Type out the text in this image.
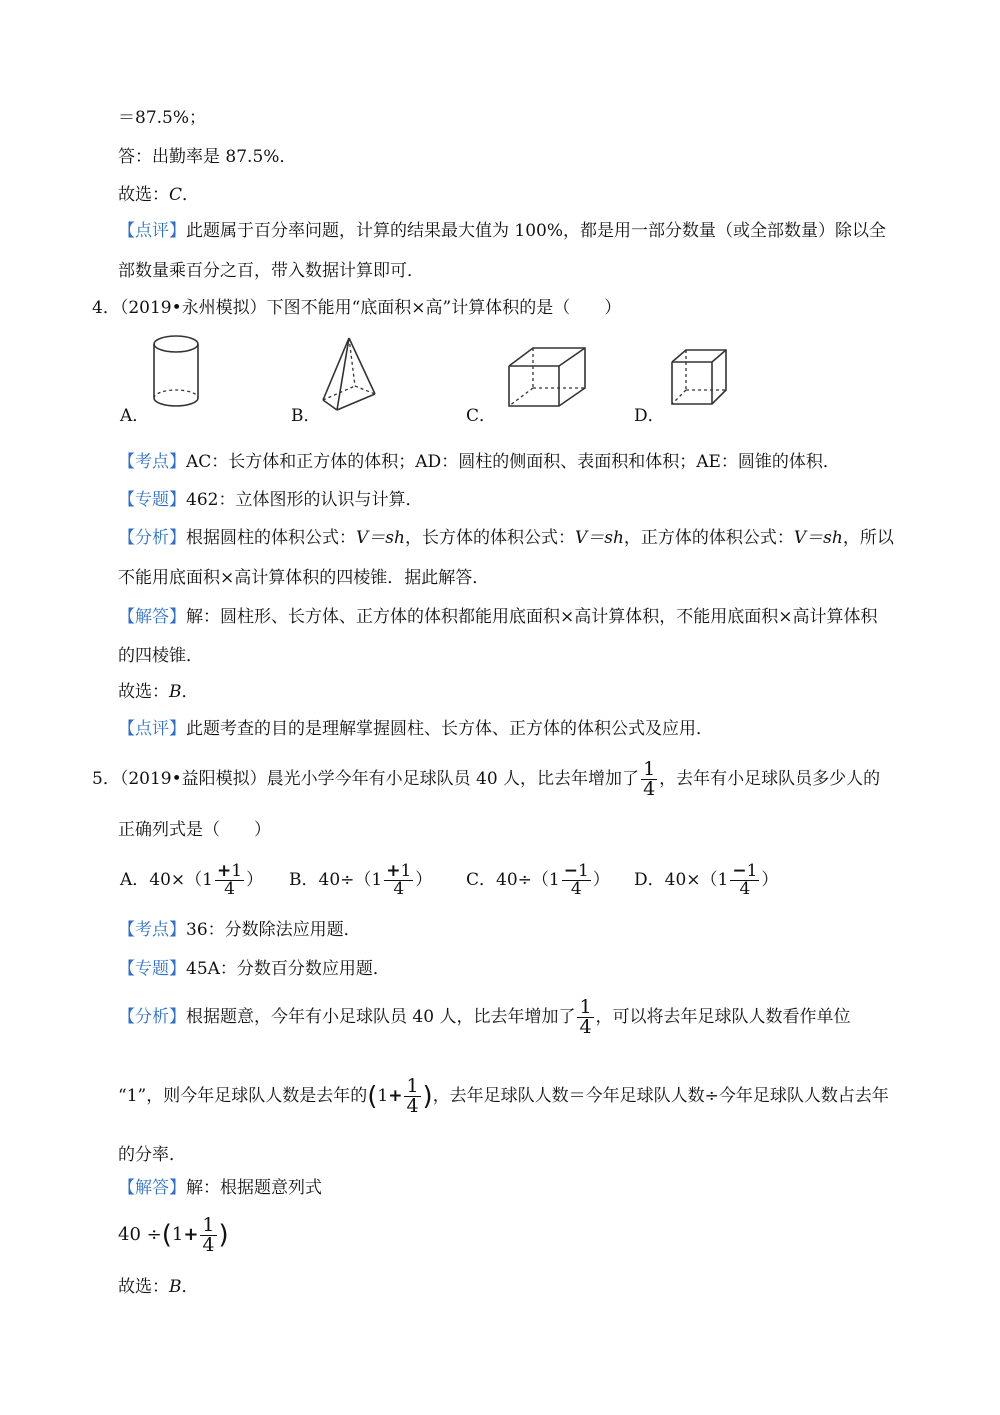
＝87.5%；
答：出勤率是 87.5%．
故选：C．
【点评】此题属于百分率问题，计算的结果最大值为 100%，都是用一部分数量（或全部数量）除以全
部数量乘百分之百，带入数据计算即可．
4．（2019•永州模拟）下图不能用“底面积×高”计算体积的是（　　）
A．	B．	C．	D．
【考点】AC：长方体和正方体的体积；AD：圆柱的侧面积、表面积和体积；AE：圆锥的体积．
【专题】462：立体图形的认识与计算．
【分析】根据圆柱的体积公式：V＝sh，长方体的体积公式：V＝sh，正方体的体积公式：V＝sh，所以
不能用底面积×高计算体积的四棱锥．据此解答．
【解答】解：圆柱形、长方体、正方体的体积都能用底面积×高计算体积，不能用底面积×高计算体积
的四棱锥．
故选：B．
【点评】此题考查的目的是理解掌握圆柱、长方体、正方体的体积公式及应用．
5．（2019•益阳模拟）晨光小学今年有小足球队员 40 人，比去年增加了 $\frac{1}{4}$ ，去年有小足球队员多少人的
正确列式是（　　）
A．$40\times(1 \frac{+1}{4}$ ） B．$40\div(1 \frac{+1}{4}$ ） C．$40\div(1 \frac{-1}{4}$ ） D．$40\times(1 \frac{-1}{4}$ ）
【考点】36：分数除法应用题．
【专题】45A：分数百分数应用题．
【分析】根据题意，今年有小足球队员 40 人，比去年增加了 $\frac{1}{4}$ ，可以将去年足球队人数看作单位
“1”，则今年足球队人数是去年的($1+ \frac{1}{4}$ )，去年足球队人数＝今年足球队人数÷今年足球队人数占去年
的分率．
【解答】解：根据题意列式
$40 \div(1+ \frac{1}{4}$ )
故选：B．
